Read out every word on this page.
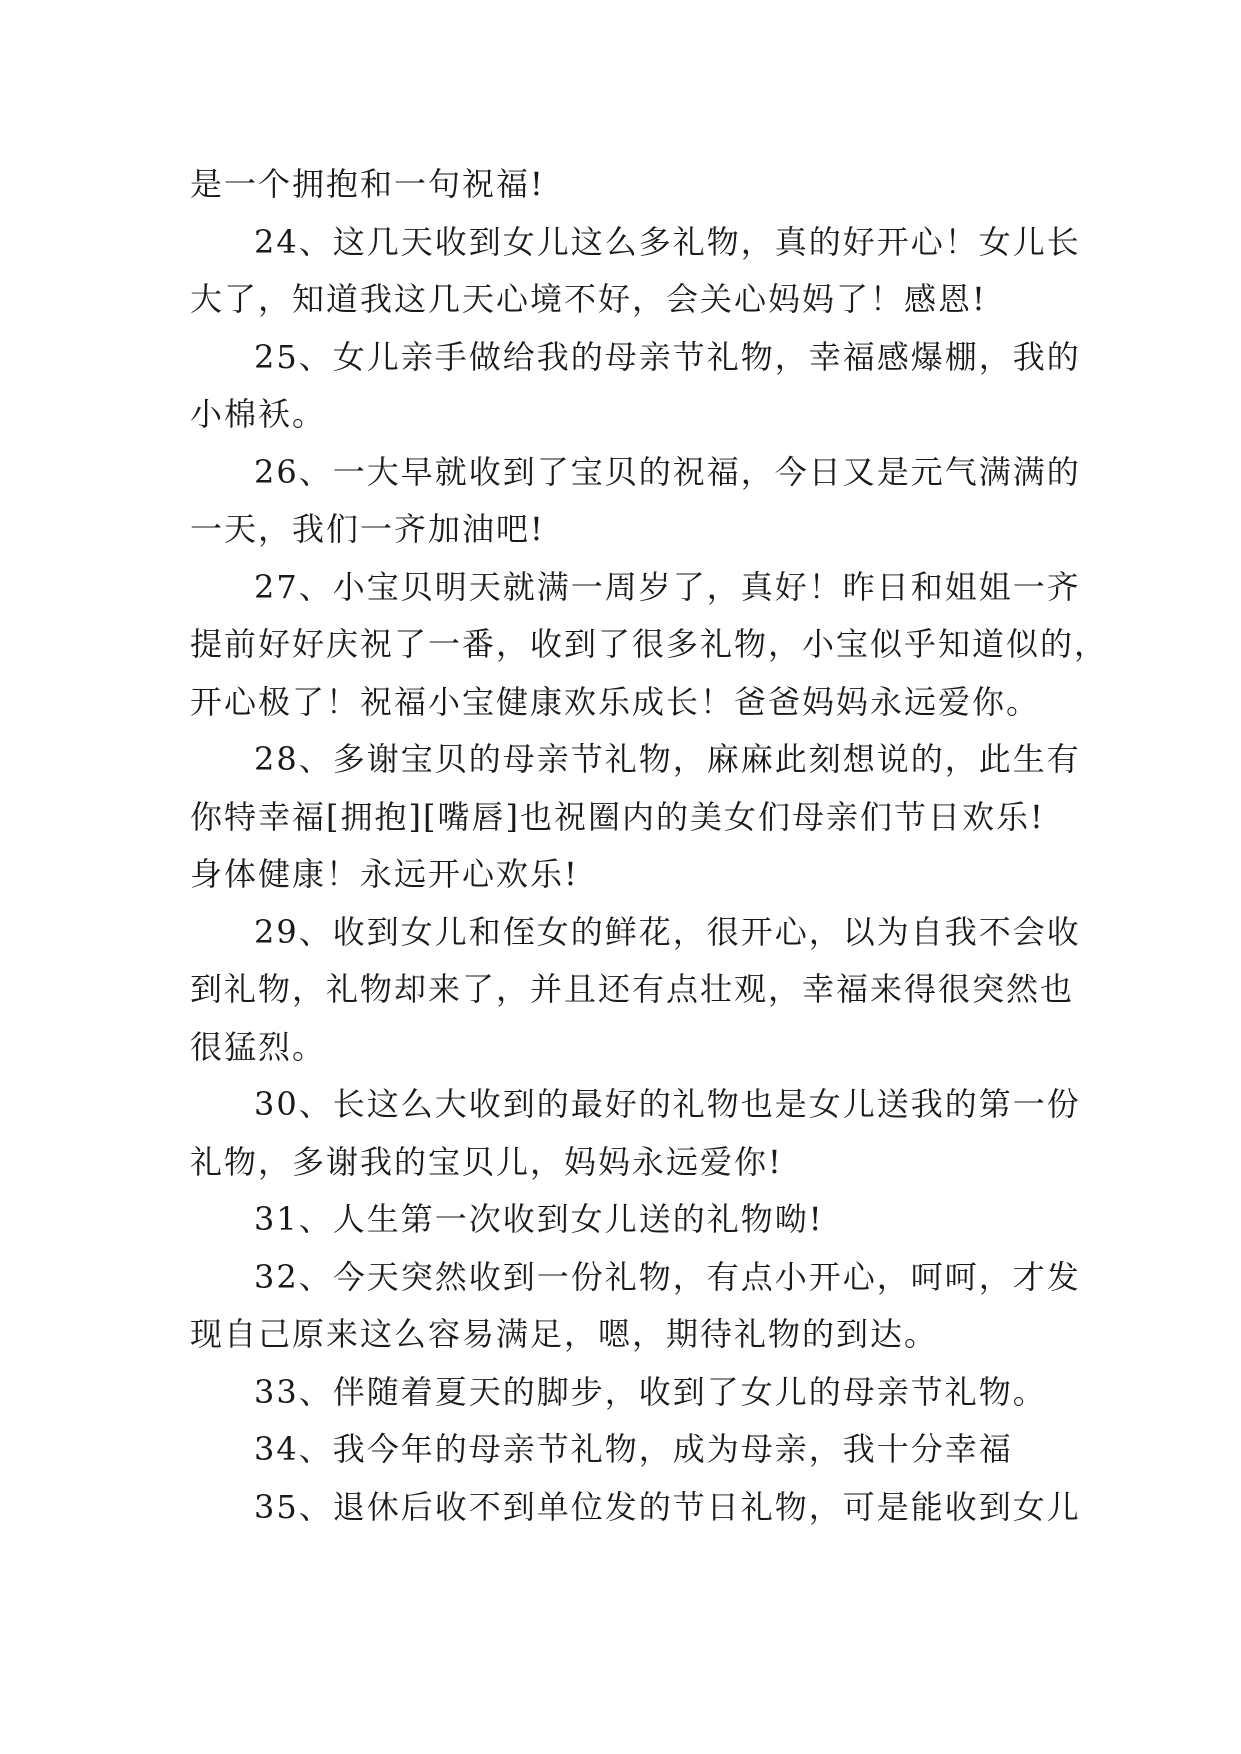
是一个拥抱和一句祝福!
24、这几天收到女儿这么多礼物，真的好开心！女儿长
大了，知道我这几天心境不好，会关心妈妈了！感恩!
25、女儿亲手做给我的母亲节礼物，幸福感爆棚，我的
小棉袄。
26、一大早就收到了宝贝的祝福，今日又是元气满满的
一天，我们一齐加油吧!
27、小宝贝明天就满一周岁了，真好！昨日和姐姐一齐
提前好好庆祝了一番，收到了很多礼物，小宝似乎知道似的，
开心极了！祝福小宝健康欢乐成长！爸爸妈妈永远爱你。
28、多谢宝贝的母亲节礼物，麻麻此刻想说的，此生有
你特幸福[拥抱][嘴唇]也祝圈内的美女们母亲们节日欢乐!
身体健康！永远开心欢乐!
29、收到女儿和侄女的鲜花，很开心，以为自我不会收
到礼物，礼物却来了，并且还有点壮观，幸福来得很突然也
很猛烈。
30、长这么大收到的最好的礼物也是女儿送我的第一份
礼物，多谢我的宝贝儿，妈妈永远爱你!
31、人生第一次收到女儿送的礼物呦!
32、今天突然收到一份礼物，有点小开心，呵呵，才发
现自己原来这么容易满足，嗯，期待礼物的到达。
33、伴随着夏天的脚步，收到了女儿的母亲节礼物。
34、我今年的母亲节礼物，成为母亲，我十分幸福
35、退休后收不到单位发的节日礼物，可是能收到女儿
